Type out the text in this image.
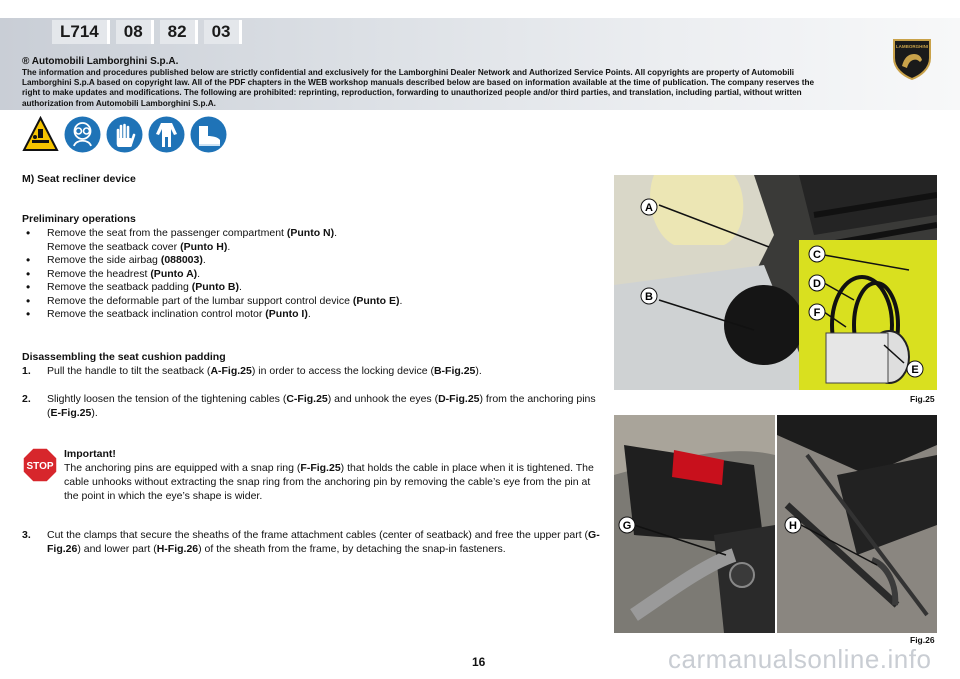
L714	08	82	03
LAMBORGHINI
® Automobili Lamborghini S.p.A.
The information and procedures published below are strictly confidential and exclusively for the Lamborghini Dealer Network and Authorized Service Points. All copyrights are property of Automobili Lamborghini S.p.A based on copyright law. All of the PDF chapters in the WEB workshop manuals described below are based on information available at the time of publication. The company reserves the right to make updates and modifications. The following are prohibited: reprinting, reproduction, forwarding to unauthorized people and/or third parties, and translation, including partial, without written authorization from Automobili Lamborghini S.p.A.
M) Seat recliner device
Preliminary operations
• Remove the seat from the passenger compartment (Punto N).
Remove the seatback cover (Punto H).
• Remove the side airbag (088003).
• Remove the headrest (Punto A).
• Remove the seatback padding (Punto B).
• Remove the deformable part of the lumbar support control device (Punto E).
• Remove the seatback inclination control motor (Punto I).
Disassembling the seat cushion padding
1. Pull the handle to tilt the seatback (A-Fig.25) in order to access the locking device (B-Fig.25).
2. Slightly loosen the tension of the tightening cables (C-Fig.25) and unhook the eyes (D-Fig.25) from the anchoring pins (E-Fig.25).
STOP
Important!
The anchoring pins are equipped with a snap ring (F-Fig.25) that holds the cable in place when it is tightened. The cable unhooks without extracting the snap ring from the anchoring pin by removing the cable’s eye from the pin at the point in which the eye’s shape is wider.
3. Cut the clamps that secure the sheaths of the frame attachment cables (center of seatback) and free the upper part (G-Fig.26) and lower part (H-Fig.26) of the sheath from the frame, by detaching the snap-in fasteners.
A
B
C
D
F
E
Fig.25
G	H
Fig.26
16	carmanualsonline.info
